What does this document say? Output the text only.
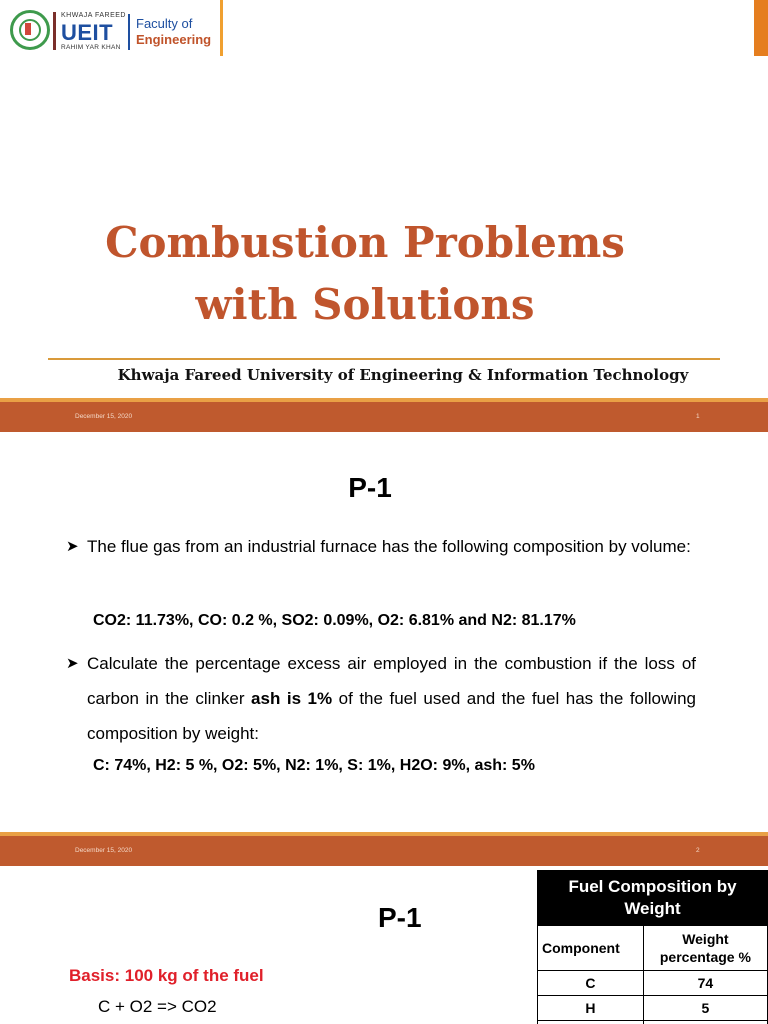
KHWAJA FAREED
UEIT
RAHIM YAR KHAN
Faculty of
Engineering
Combustion Problems
with Solutions
Khwaja Fareed University of Engineering & Information Technology
December 15, 2020	1
P-1
➤ The flue gas from an industrial furnace has the following composition by volume:
CO2: 11.73%, CO: 0.2 %, SO2: 0.09%, O2: 6.81% and N2: 81.17%
➤ Calculate the percentage excess air employed in the combustion if the loss of carbon in the clinker ash is 1% of the fuel used and the fuel has the following composition by weight:
C: 74%, H2: 5 %, O2: 5%, N2: 1%, S: 1%, H2O: 9%, ash: 5%
December 15, 2020	2
P-1
Basis: 100 kg of the fuel
C + O2 => CO2
Fuel Composition by Weight	
Component	Weight percentage %
C	74
H	5
